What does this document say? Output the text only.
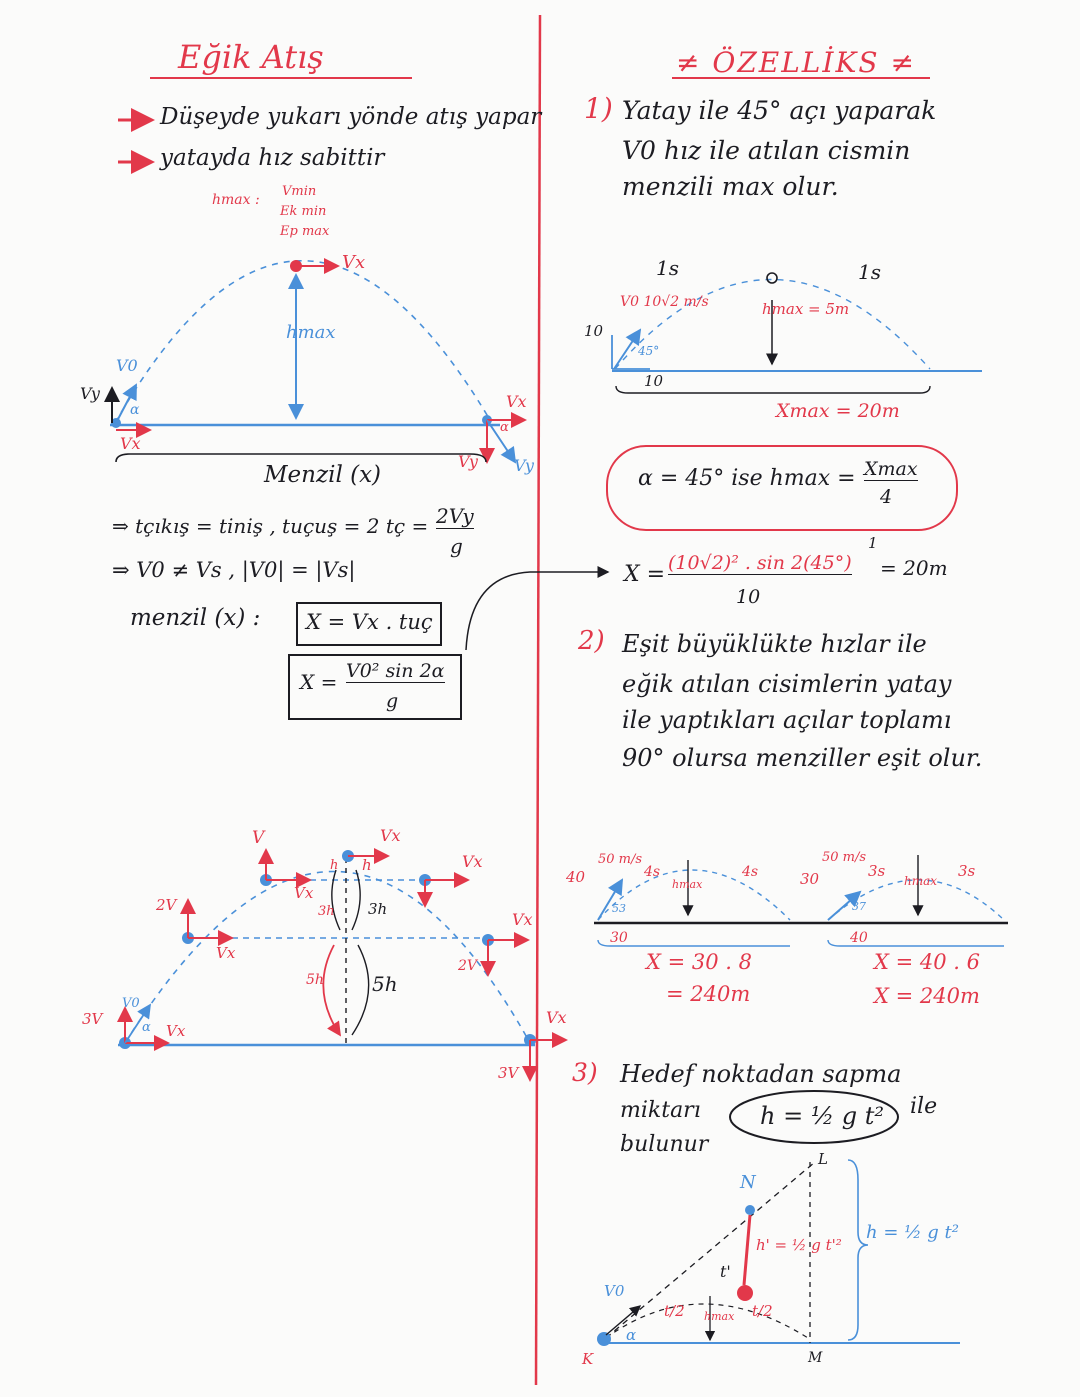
Eğik Atış
Düşeyde yukarı yönde atış yapar
yatayda hız sabittir
hmax :
Vmin
Ek min
Ep max
Vx
hmax
V0
Vy
α
Vx
Vx
α
Vy Vy
Menzil (x)
⇒ tçıkış = tiniş , tuçuş = 2 tç = 2Vy
g
⇒ V0 ≠ Vs , |V0| = |Vs|
menzil (x) : X = Vx . tuç
X = V0² sin 2α
g
V	Vx
Vx
Vx
Vx
Vx
Vx
Vx
h h
3h 3h
5h 5h
2V
2V
3V
3V
V0
α
≠ ÖZELLİKS ≠
1) Yatay ile 45° açı yaparak
V0 hız ile atılan cismin
menzili max olur.
1s	1s
V0 10√2 m/s	hmax = 5m
10
45°
10
Xmax = 20m
α = 45° ise hmax = Xmax
4
X = (10√2)² . sin 2(45°)
1
10
= 20m
2) Eşit büyüklükte hızlar ile
eğik atılan cisimlerin yatay
ile yaptıkları açılar toplamı
90° olursa menziller eşit olur.
40
50 m/s
4s	4s
hmax
53
30
30
50 m/s
3s	3s
hmax
37
40
X = 30 . 8
= 240m
X = 40 . 6
X = 240m
3) Hedef noktadan sapma
miktarı h = ½ g t² ile
bulunur
L
N
h' = ½ g t'²
h = ½ g t²
t'
t/2	t/2
hmax
V0
α
K	M
